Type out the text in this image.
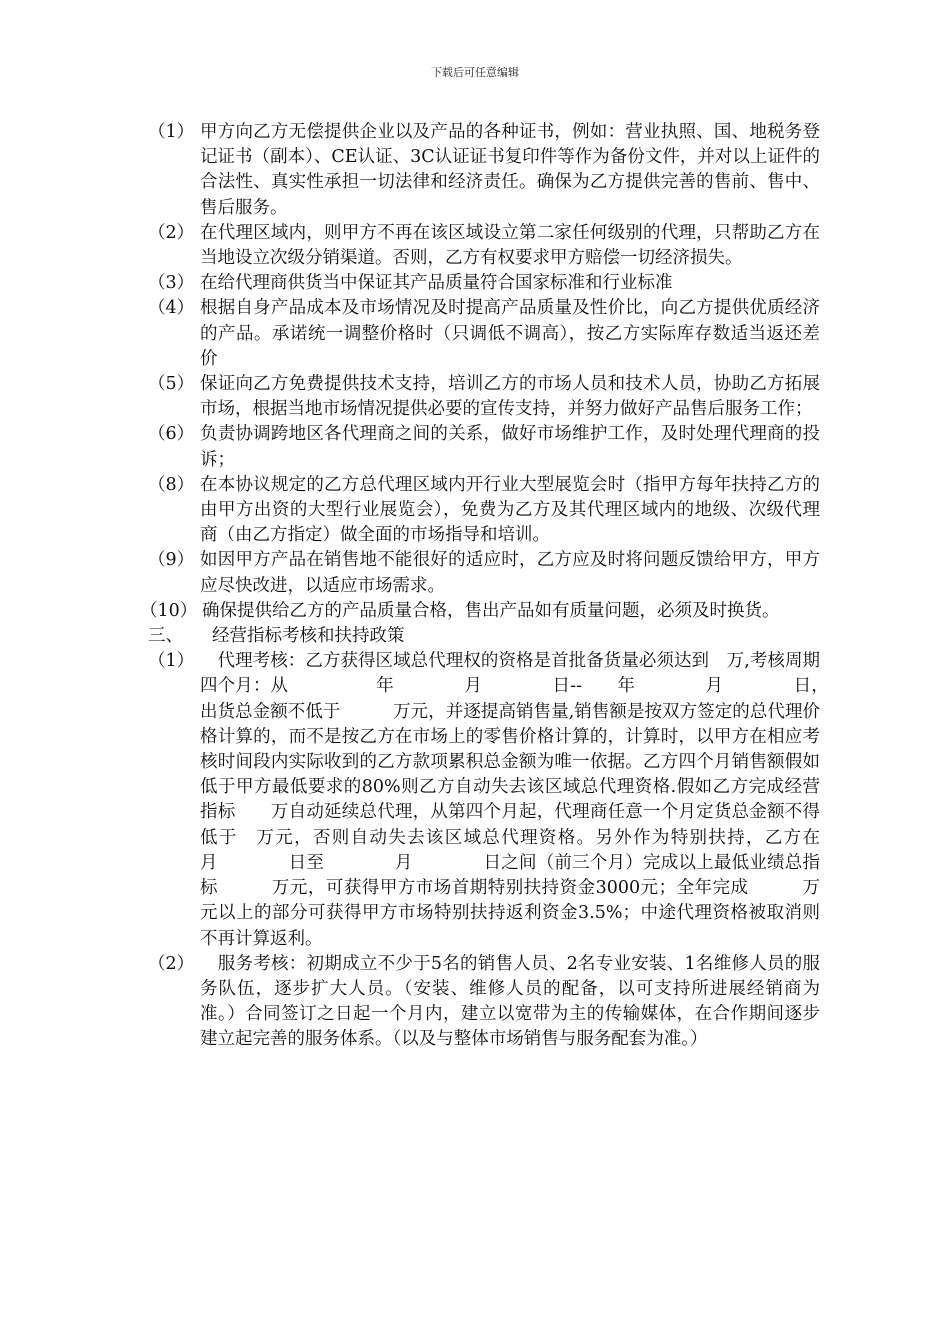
下载后可任意编辑
（1） 甲方向乙方无偿提供企业以及产品的各种证书，例如：营业执照、国、地税务登记证书（副本）、CE认证、3C认证证书复印件等作为备份文件，并对以上证件的合法性、真实性承担一切法律和经济责任。确保为乙方提供完善的售前、售中、售后服务。
（2） 在代理区域内，则甲方不再在该区域设立第二家任何级别的代理，只帮助乙方在当地设立次级分销渠道。否则，乙方有权要求甲方赔偿一切经济损失。
（3） 在给代理商供货当中保证其产品质量符合国家标准和行业标准
（4） 根据自身产品成本及市场情况及时提高产品质量及性价比，向乙方提供优质经济的产品。承诺统一调整价格时（只调低不调高），按乙方实际库存数适当返还差价
（5） 保证向乙方免费提供技术支持，培训乙方的市场人员和技术人员，协助乙方拓展市场，根据当地市场情况提供必要的宣传支持，并努力做好产品售后服务工作；
（6） 负责协调跨地区各代理商之间的关系，做好市场维护工作，及时处理代理商的投诉；
（8） 在本协议规定的乙方总代理区域内开行业大型展览会时（指甲方每年扶持乙方的由甲方出资的大型行业展览会），免费为乙方及其代理区域内的地级、次级代理商（由乙方指定）做全面的市场指导和培训。
（9） 如因甲方产品在销售地不能很好的适应时，乙方应及时将问题反馈给甲方，甲方应尽快改进，以适应市场需求。
（10） 确保提供给乙方的产品质量合格，售出产品如有质量问题，必须及时换货。
三、	经营指标考核和扶持政策
（1） 　代理考核：乙方获得区域总代理权的资格是首批备货量必须达到　万,考核周期四个月：从　　　　　年　　　　月　　　　日--　　年　　　　月　　　　日，　出货总金额不低于　　　万元，并逐提高销售量,销售额是按双方签定的总代理价格计算的，而不是按乙方在市场上的零售价格计算的，计算时，以甲方在相应考核时间段内实际收到的乙方款项累积总金额为唯一依据。乙方四个月销售额假如低于甲方最低要求的80%则乙方自动失去该区域总代理资格.假如乙方完成经营指标　　万自动延续总代理，从第四个月起，代理商任意一个月定货总金额不得低于　万元，否则自动失去该区域总代理资格。另外作为特别扶持，乙方在　　　　　月　　　　日至　　　　月　　　　日之间（前三个月）完成以上最低业绩总指标　　　万元，可获得甲方市场首期特别扶持资金3000元；全年完成　　　万元以上的部分可获得甲方市场特别扶持返利资金3.5%；中途代理资格被取消则不再计算返利。
（2） 　服务考核：初期成立不少于5名的销售人员、2名专业安装、1名维修人员的服务队伍，逐步扩大人员。（安装、维修人员的配备，以可支持所进展经销商为准。）合同签订之日起一个月内，建立以宽带为主的传输媒体，在合作期间逐步建立起完善的服务体系。（以及与整体市场销售与服务配套为准。）
